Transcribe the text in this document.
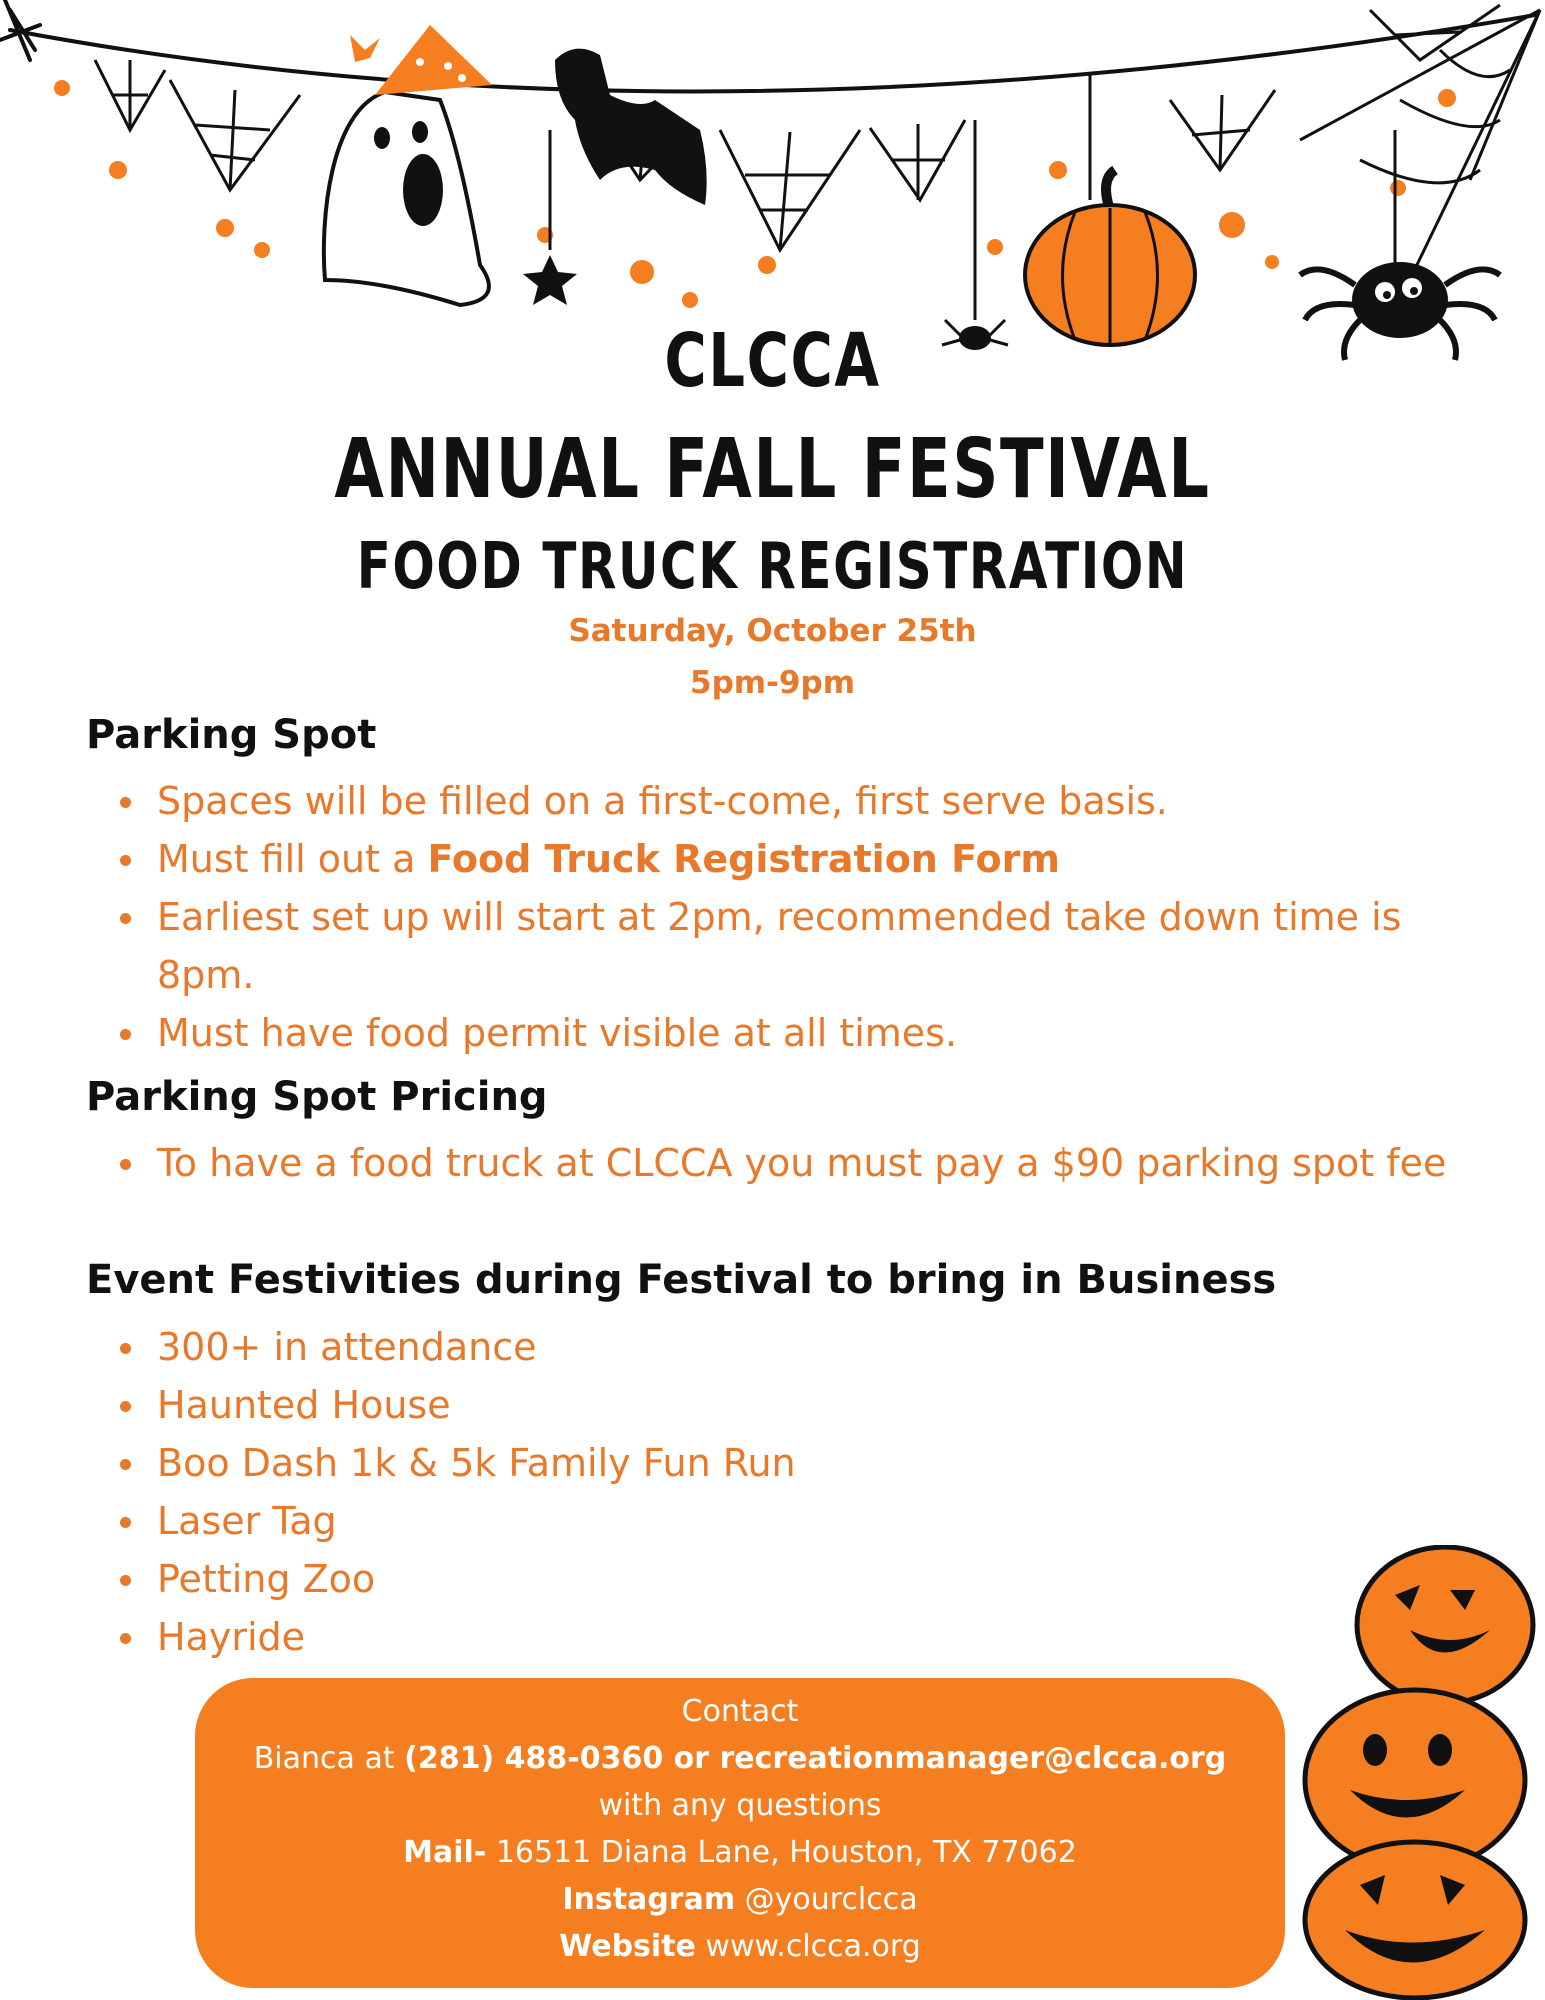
CLCCA
ANNUAL FALL FESTIVAL
FOOD TRUCK REGISTRATION
Saturday, October 25th
5pm-9pm
Parking Spot
Spaces will be filled on a first-come, first serve basis.
Must fill out a Food Truck Registration Form
Earliest set up will start at 2pm, recommended take down time is 8pm.
Must have food permit visible at all times.
Parking Spot Pricing
To have a food truck at CLCCA you must pay a $90 parking spot fee
Event Festivities during Festival to bring in Business
300+ in attendance
Haunted House
Boo Dash 1k & 5k Family Fun Run
Laser Tag
Petting Zoo
Hayride
Contact
Bianca at (281) 488-0360 or recreationmanager@clcca.org
with any questions
Mail- 16511 Diana Lane, Houston, TX 77062
Instagram @yourclcca
Website www.clcca.org
